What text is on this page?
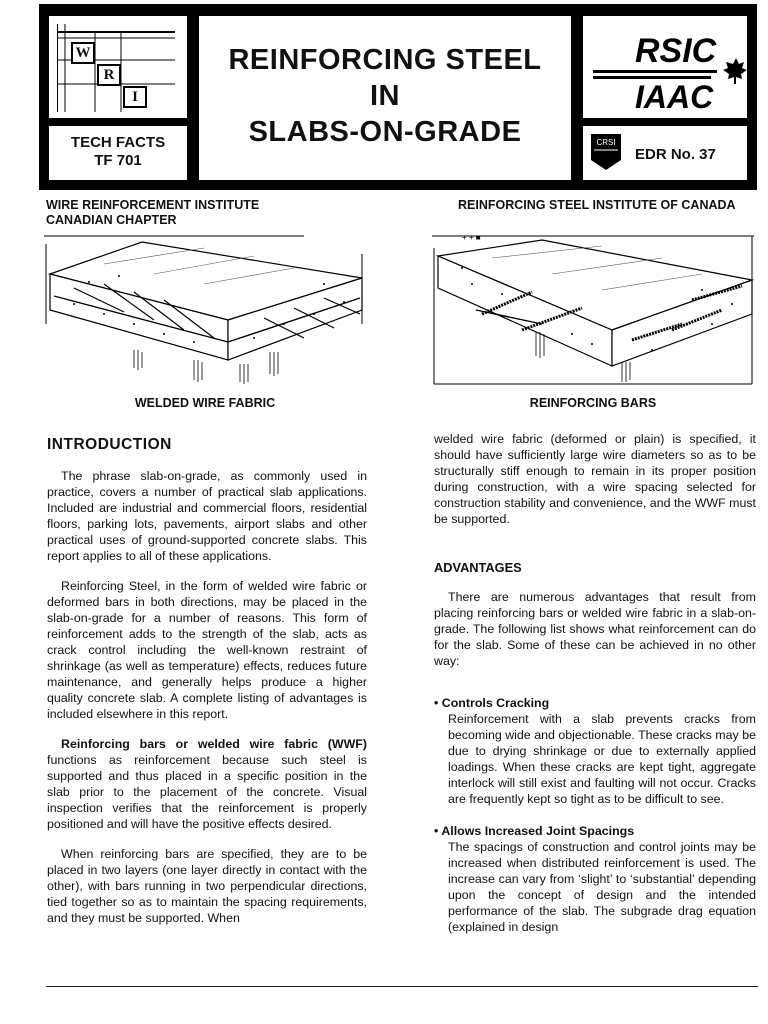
W
R
I
TECH FACTS
TF 701
REINFORCING STEEL
IN
SLABS-ON-GRADE
RSIC
IAAC
CRSI
EDR No. 37
WIRE REINFORCEMENT INSTITUTE
CANADIAN CHAPTER
REINFORCING STEEL INSTITUTE OF CANADA
WELDED WIRE FABRIC
+ + ■
REINFORCING BARS
INTRODUCTION
The phrase slab-on-grade, as commonly used in practice, covers a number of practical slab applications. Included are industrial and commercial floors, residential floors, parking lots, pavements, airport slabs and other practical uses of ground-supported concrete slabs. This report applies to all of these applications.
Reinforcing Steel, in the form of welded wire fabric or deformed bars in both directions, may be placed in the slab-on-grade for a number of reasons. This form of reinforcement adds to the strength of the slab, acts as crack control including the well-known restraint of shrinkage (as well as temperature) effects, reduces future maintenance, and generally helps produce a higher quality concrete slab. A complete listing of advantages is included elsewhere in this report.
Reinforcing bars or welded wire fabric (WWF) functions as reinforcement because such steel is supported and thus placed in a specific position in the slab prior to the placement of the concrete. Visual inspection verifies that the reinforcement is properly positioned and will have the positive effects desired.
When reinforcing bars are specified, they are to be placed in two layers (one layer directly in contact with the other), with bars running in two perpendicular directions, tied together so as to maintain the spacing requirements, and they must be supported. When
welded wire fabric (deformed or plain) is specified, it should have sufficiently large wire diameters so as to be structurally stiff enough to remain in its proper position during construction, with a wire spacing selected for construction stability and convenience, and the WWF must be supported.
ADVANTAGES
There are numerous advantages that result from placing reinforcing bars or welded wire fabric in a slab-on-grade. The following list shows what reinforcement can do for the slab. Some of these can be achieved in no other way:
• Controls Cracking
Reinforcement with a slab prevents cracks from becoming wide and objectionable. These cracks may be due to drying shrinkage or due to externally applied loadings. When these cracks are kept tight, aggregate interlock will still exist and faulting will not occur. Cracks are frequently kept so tight as to be difficult to see.
• Allows Increased Joint Spacings
The spacings of construction and control joints may be increased when distributed reinforcement is used. The increase can vary from ‘slight’ to ‘substantial’ depending upon the concept of design and the intended performance of the slab. The subgrade drag equation (explained in design
